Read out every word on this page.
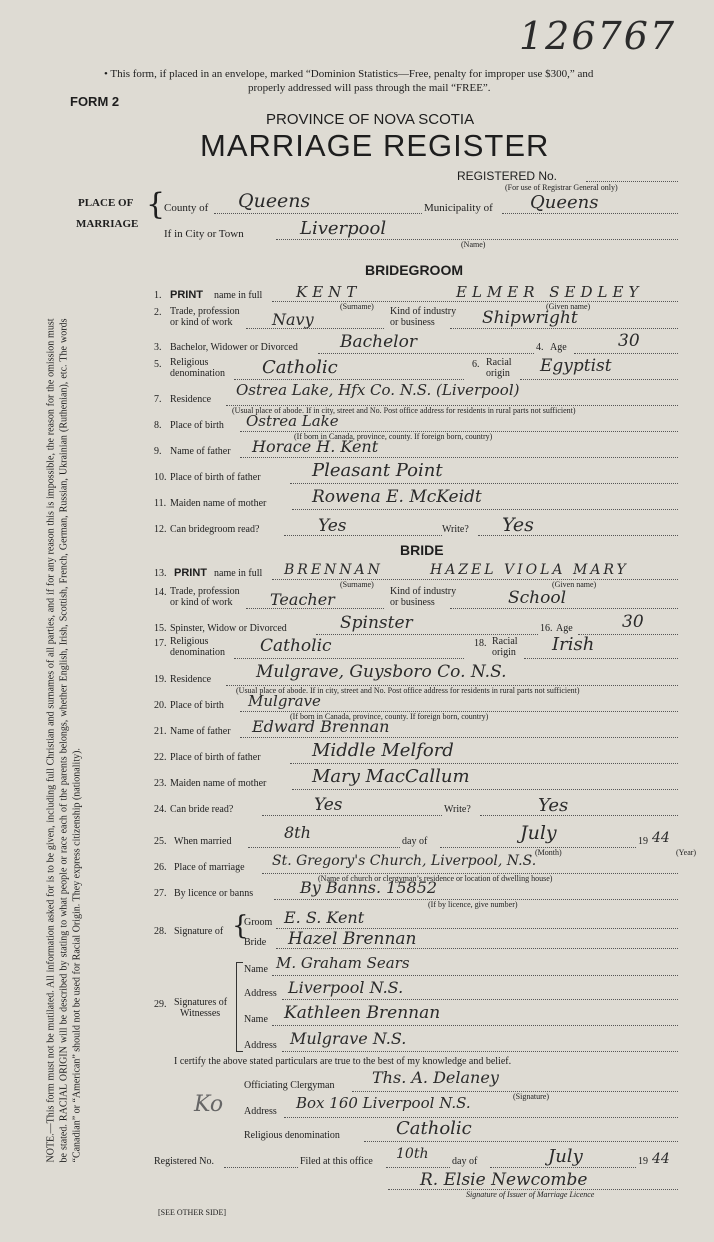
126767
• This form, if placed in an envelope, marked “Dominion Statistics—Free, penalty for improper use $300,” and
properly addressed will pass through the mail “FREE”.
FORM 2
PROVINCE OF NOVA SCOTIA
MARRIAGE REGISTER
REGISTERED No.
(For use of Registrar General only)
PLACE OF
MARRIAGE
{
County of Queens	Municipality of Queens
If in City or Town	Liverpool
(Name)
BRIDEGROOM
1. PRINT name in full KENT	ELMER SEDLEY
(Surname)	(Given name)
2. Trade, profession
or kind of work Navy	Kind of industry
or business	Shipwright
3. Bachelor, Widower or Divorced Bachelor	4. Age	30
5. Religious
denomination Catholic	6. Racial
origin Egyptist
7. Residence
Ostrea Lake, Hfx Co. N.S. (Liverpool)
(Usual place of abode. If in city, street and No. Post office address for residents in rural parts not sufficient)
8. Place of birth Ostrea Lake
(If born in Canada, province, county. If foreign born, country)
9. Name of father Horace H. Kent
10. Place of birth of father	Pleasant Point
11. Maiden name of mother	Rowena E. McKeidt
12. Can bridegroom read?	Yes	Write? Yes
BRIDE
13. PRINT name in full BRENNAN	HAZEL VIOLA MARY
(Surname)	(Given name)
14. Trade, profession
or kind of work Teacher	Kind of industry
or business	School
15. Spinster, Widow or Divorced	Spinster	16. Age	30
17. Religious
denomination Catholic	18. Racial
origin Irish
19. Residence	Mulgrave, Guysboro Co. N.S.
(Usual place of abode. If in city, street and No. Post office address for residents in rural parts not sufficient)
20. Place of birth Mulgrave
(If born in Canada, province, county. If foreign born, country)
21. Name of father Edward Brennan
22. Place of birth of father	Middle Melford
23. Maiden name of mother	Mary MacCallum
24. Can bride read?	Yes	Write?	Yes
25. When married	8th	day of	July
(Month)
19 44
(Year)
26. Place of marriage St. Gregory's Church, Liverpool, N.S.
(Name of church or clergyman’s residence or location of dwelling house)
27. By licence or banns	By Banns. 15852
(If by licence, give number)
28. Signature of {
Groom E. S. Kent
Bride Hazel Brennan
29. Signatures of
Witnesses
Name M. Graham Sears
Address Liverpool N.S.
Name Kathleen Brennan
Address Mulgrave N.S.
I certify the above stated particulars are true to the best of my knowledge and belief.
Officiating Clergyman Ths. A. Delaney
(Signature)
Ko Address Box 160 Liverpool N.S.
Religious denomination	Catholic
Registered No.	Filed at this office 10th day of	July	19 44
R. Elsie Newcombe
Signature of Issuer of Marriage Licence
[SEE OTHER SIDE]
NOTE.—This form must not be mutilated. All information asked for is to be given, including full Christian and surnames of all parties, and if for any reason this is impossible, the reason for the omission must be stated. RACIAL ORIGIN will be described by stating to what people or race each of the parents belongs, whether English, Irish, Scottish, French, German, Russian, Ukrainian (Ruthenian), etc. The words “Canadian” or “American” should not be used for Racial Origin. They express citizenship (nationality).
